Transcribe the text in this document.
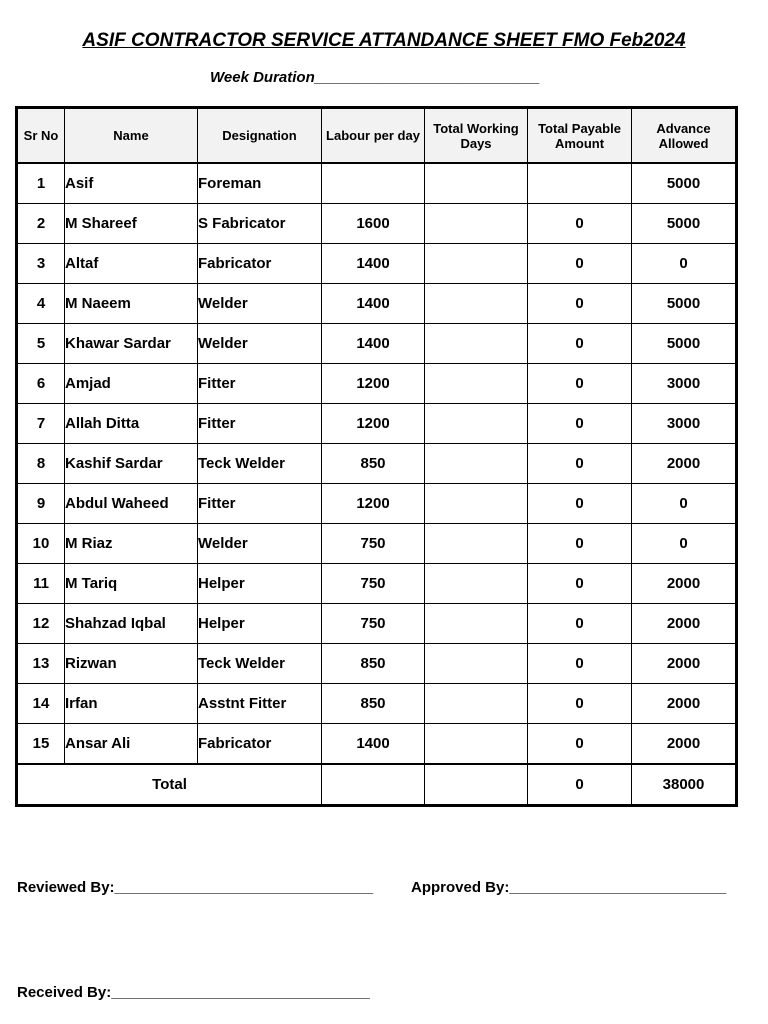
ASIF CONTRACTOR SERVICE ATTANDANCE SHEET FMO Feb2024
Week Duration___________________________
Sr No	Name	Designation	Labour per day	Total Working Days	Total Payable Amount	Advance Allowed
1	Asif	Foreman				5000
2	M Shareef	S Fabricator	1600		0	5000
3	Altaf	Fabricator	1400		0	0
4	M Naeem	Welder	1400		0	5000
5	Khawar Sardar	Welder	1400		0	5000
6	Amjad	Fitter	1200		0	3000
7	Allah Ditta	Fitter	1200		0	3000
8	Kashif Sardar	Teck Welder	850		0	2000
9	Abdul Waheed	Fitter	1200		0	0
10	M Riaz	Welder	750		0	0
11	M Tariq	Helper	750		0	2000
12	Shahzad Iqbal	Helper	750		0	2000
13	Rizwan	Teck Welder	850		0	2000
14	Irfan	Asstnt Fitter	850		0	2000
15	Ansar Ali	Fabricator	1400		0	2000
Total					0	38000
Reviewed By:_______________________________	Approved By:__________________________
Received By:_______________________________
